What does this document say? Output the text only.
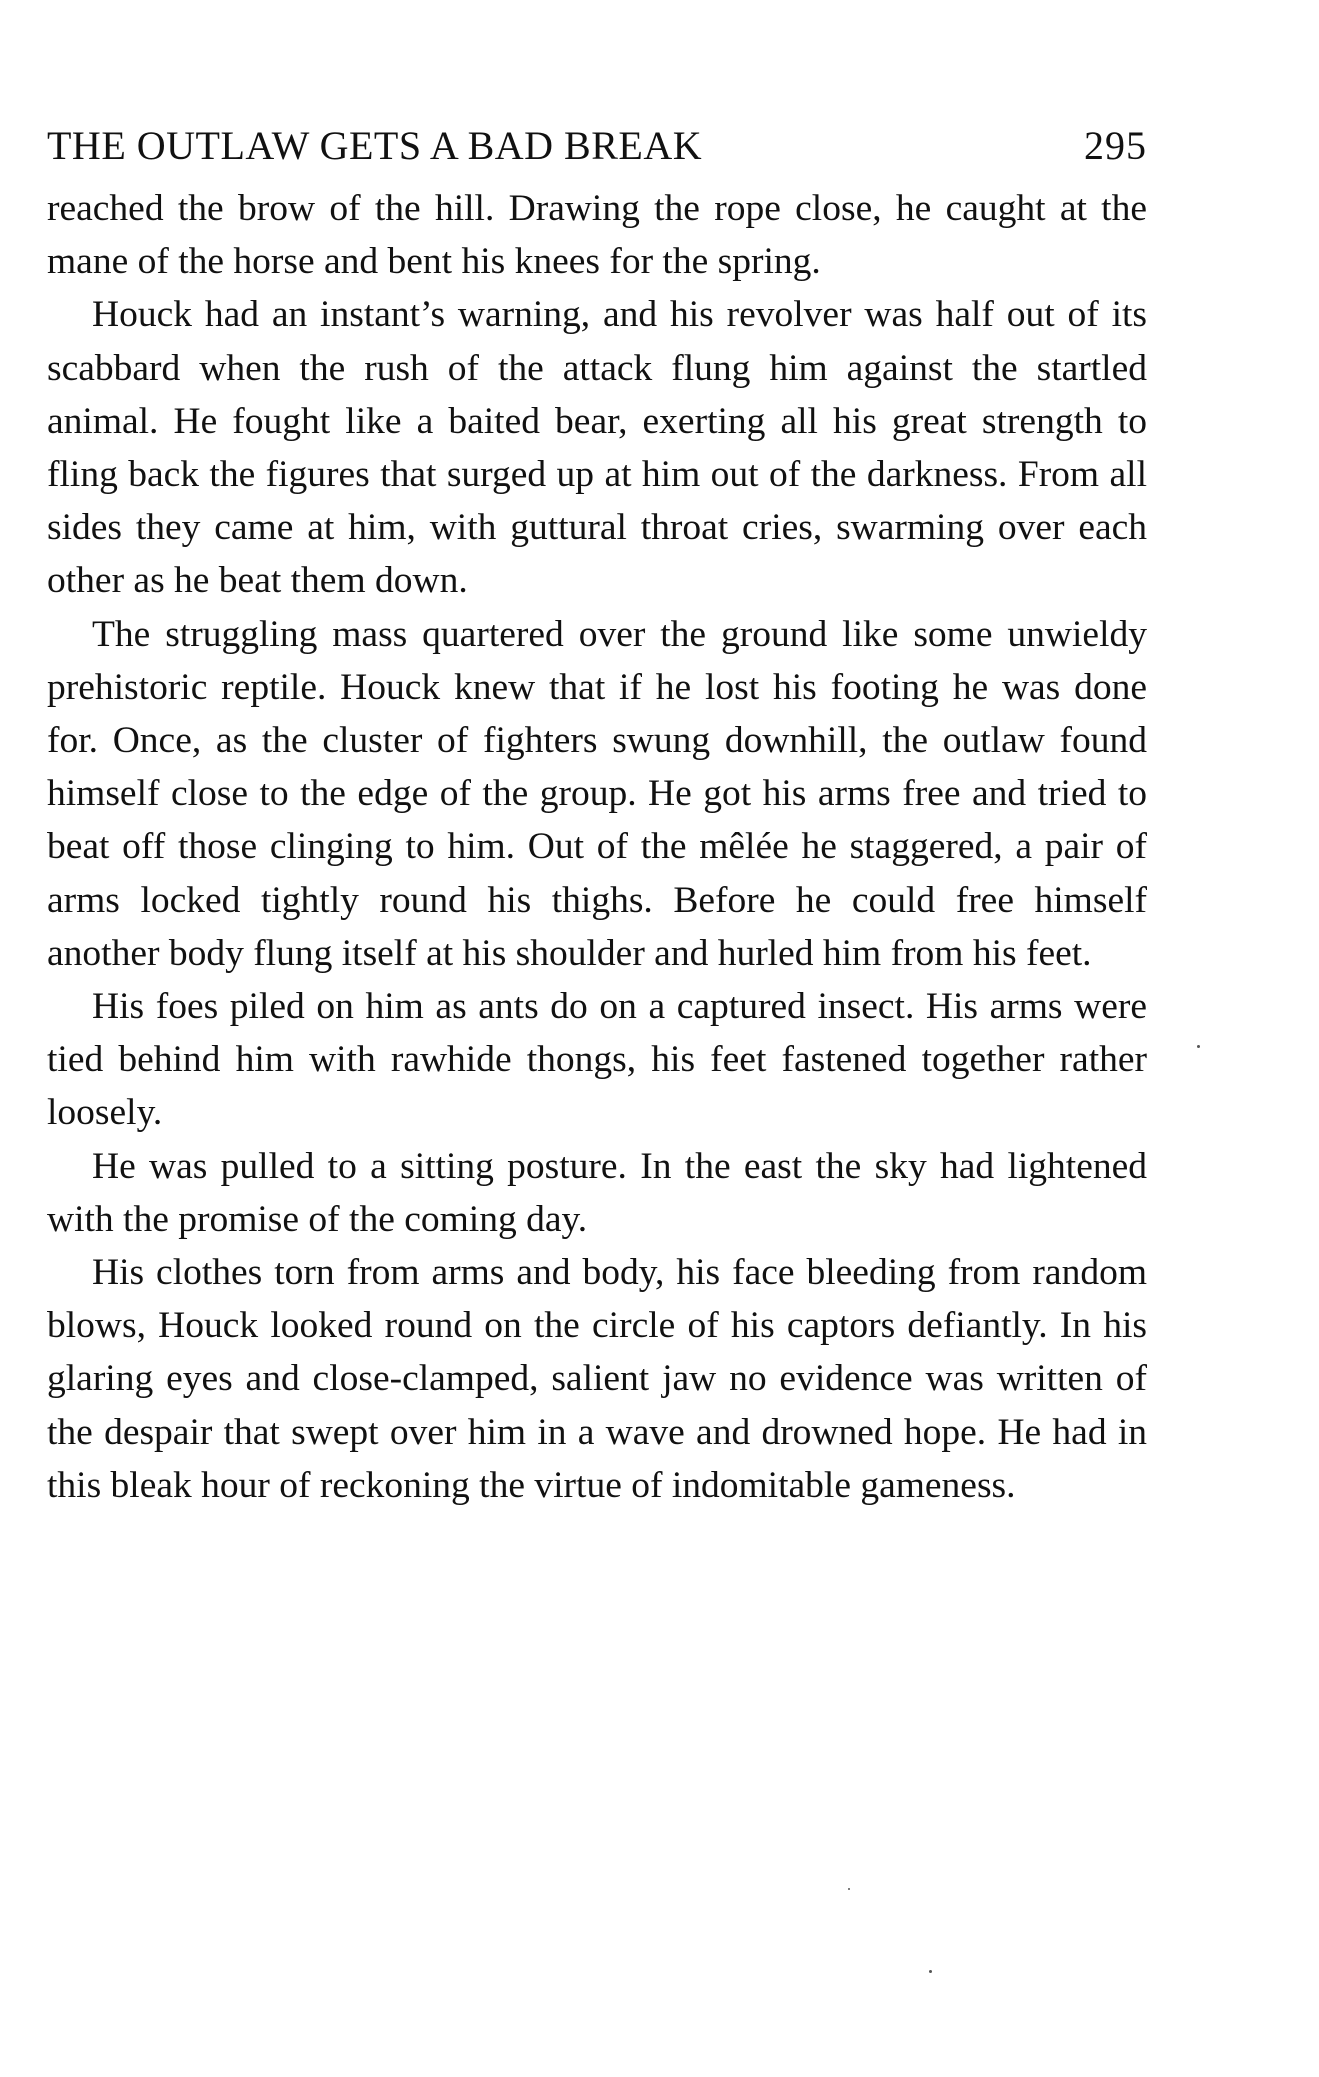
THE OUTLAW GETS A BAD BREAK	295

reached the brow of the hill. Drawing the rope close, he caught at the mane of the horse and bent his knees for the spring.

Houck had an instant’s warning, and his revolver was half out of its scabbard when the rush of the attack flung him against the startled animal. He fought like a baited bear, exerting all his great strength to fling back the figures that surged up at him out of the darkness. From all sides they came at him, with guttural throat cries, swarming over each other as he beat them down.

The struggling mass quartered over the ground like some unwieldy prehistoric reptile. Houck knew that if he lost his footing he was done for. Once, as the cluster of fighters swung downhill, the outlaw found himself close to the edge of the group. He got his arms free and tried to beat off those clinging to him. Out of the mêlée he staggered, a pair of arms locked tightly round his thighs. Before he could free himself another body flung itself at his shoulder and hurled him from his feet.

His foes piled on him as ants do on a captured insect. His arms were tied behind him with rawhide thongs, his feet fastened together rather loosely.

He was pulled to a sitting posture. In the east the sky had lightened with the promise of the coming day.

His clothes torn from arms and body, his face bleeding from random blows, Houck looked round on the circle of his captors defiantly. In his glaring eyes and close-clamped, salient jaw no evidence was written of the despair that swept over him in a wave and drowned hope. He had in this bleak hour of reckoning the virtue of indomitable gameness.
